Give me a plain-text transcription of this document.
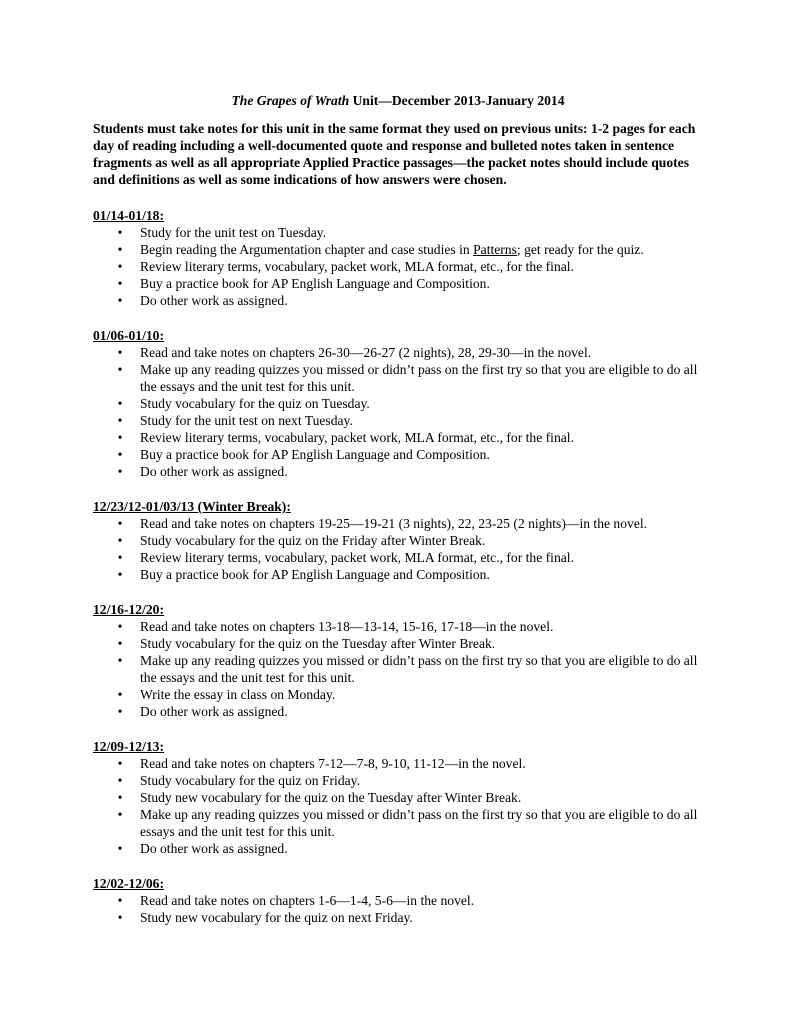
The Grapes of Wrath Unit—December 2013-January 2014
Students must take notes for this unit in the same format they used on previous units: 1-2 pages for each day of reading including a well-documented quote and response and bulleted notes taken in sentence fragments as well as all appropriate Applied Practice passages—the packet notes should include quotes and definitions as well as some indications of how answers were chosen.
01/14-01/18:
• Study for the unit test on Tuesday.
• Begin reading the Argumentation chapter and case studies in Patterns; get ready for the quiz.
• Review literary terms, vocabulary, packet work, MLA format, etc., for the final.
• Buy a practice book for AP English Language and Composition.
• Do other work as assigned.
01/06-01/10:
• Read and take notes on chapters 26-30—26-27 (2 nights), 28, 29-30—in the novel.
• Make up any reading quizzes you missed or didn’t pass on the first try so that you are eligible to do all the essays and the unit test for this unit.
• Study vocabulary for the quiz on Tuesday.
• Study for the unit test on next Tuesday.
• Review literary terms, vocabulary, packet work, MLA format, etc., for the final.
• Buy a practice book for AP English Language and Composition.
• Do other work as assigned.
12/23/12-01/03/13 (Winter Break):
• Read and take notes on chapters 19-25—19-21 (3 nights), 22, 23-25 (2 nights)—in the novel.
• Study vocabulary for the quiz on the Friday after Winter Break.
• Review literary terms, vocabulary, packet work, MLA format, etc., for the final.
• Buy a practice book for AP English Language and Composition.
12/16-12/20:
• Read and take notes on chapters 13-18—13-14, 15-16, 17-18—in the novel.
• Study vocabulary for the quiz on the Tuesday after Winter Break.
• Make up any reading quizzes you missed or didn’t pass on the first try so that you are eligible to do all the essays and the unit test for this unit.
• Write the essay in class on Monday.
• Do other work as assigned.
12/09-12/13:
• Read and take notes on chapters 7-12—7-8, 9-10, 11-12—in the novel.
• Study vocabulary for the quiz on Friday.
• Study new vocabulary for the quiz on the Tuesday after Winter Break.
• Make up any reading quizzes you missed or didn’t pass on the first try so that you are eligible to do all essays and the unit test for this unit.
• Do other work as assigned.
12/02-12/06:
• Read and take notes on chapters 1-6—1-4, 5-6—in the novel.
• Study new vocabulary for the quiz on next Friday.
